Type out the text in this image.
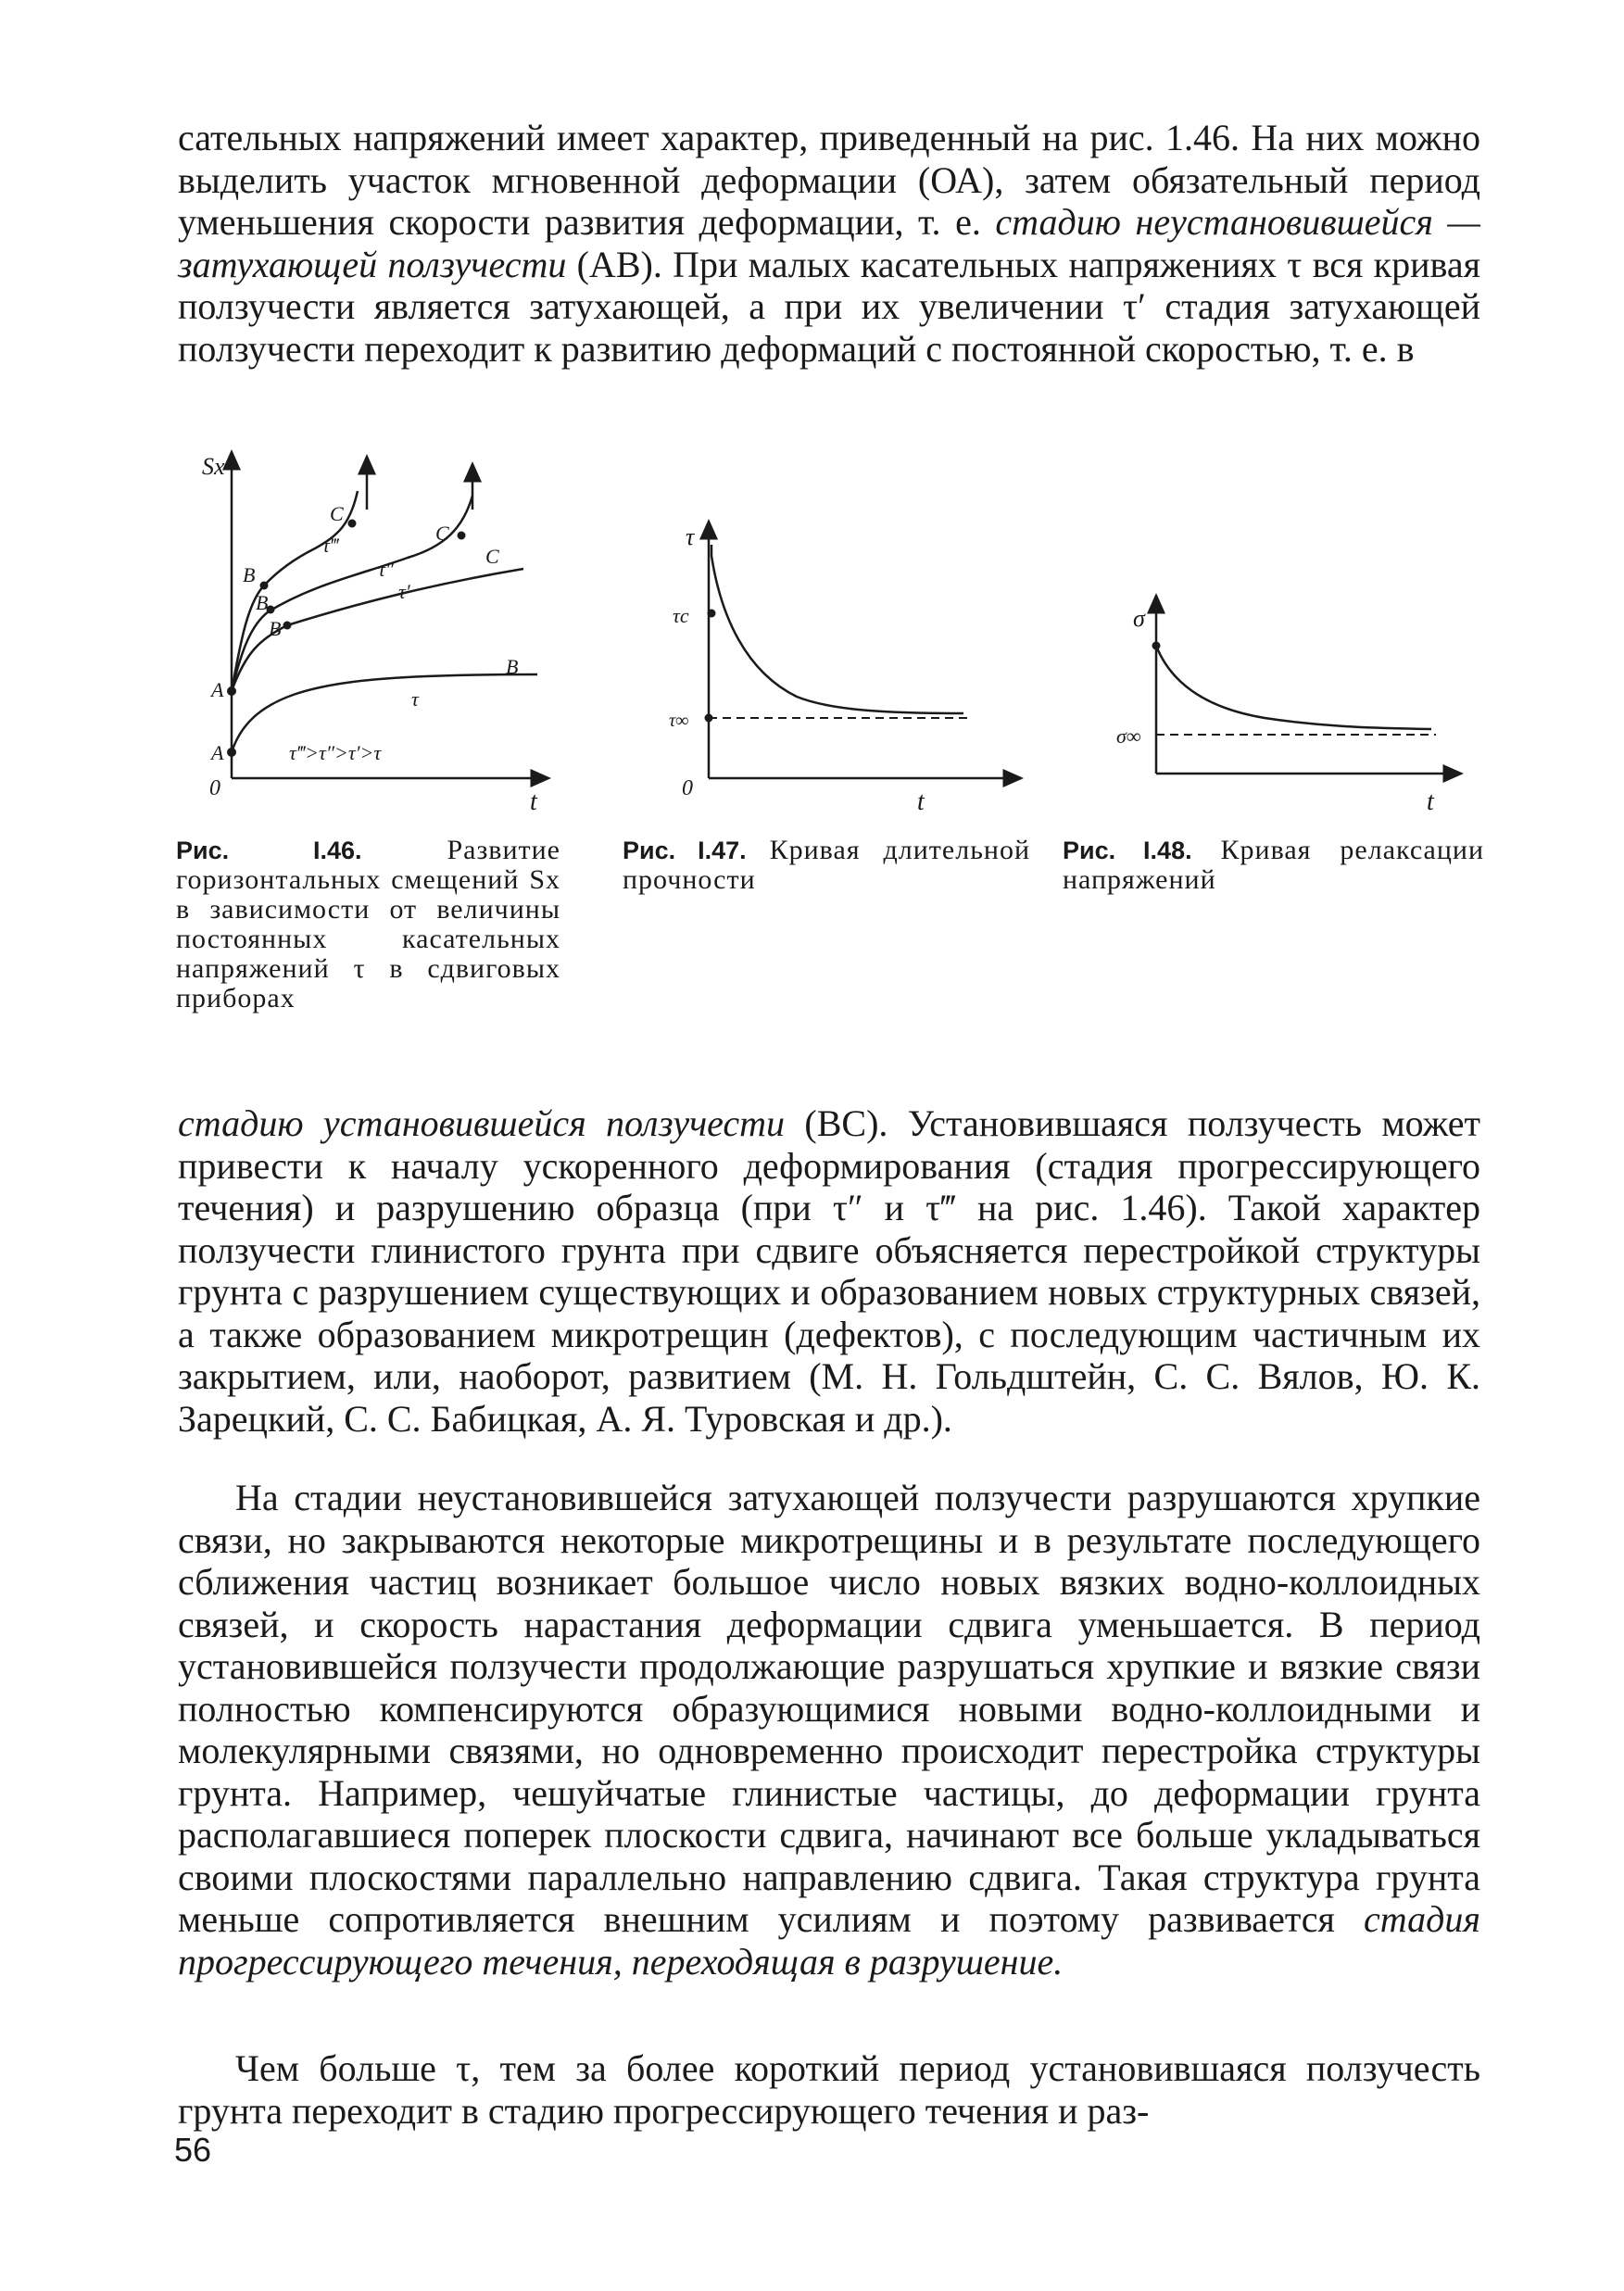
сательных напряжений имеет характер, приведенный на рис. 1.46. На них можно выделить участок мгновенной деформации (ОА), затем обязательный период уменьшения скорости развития деформации, т. е. стадию неустановившейся — затухающей ползучести (АВ). При малых касательных напряжениях τ вся кривая ползучести является затухающей, а при их увеличении τ′ стадия затухающей ползучести переходит к развитию деформаций с постоянной скоростью, т. е. в

Sx
t
0
A
A
B
B
B
C
C
C
B
τ‴
τ″
τ′
τ
τ‴>τ″>τ′>τ

Рис. I.46.	Развитие горизонтальных смещений Sx в зависимости от величины постоянных касательных напряжений τ в сдвиговых приборах

τ
t
0
τc
τ∞

Рис. I.47. Кривая длительной прочности

σ
t
σ∞

Рис. I.48. Кривая релаксации напряжений

стадию установившейся ползучести (ВС). Установившаяся ползучесть может привести к началу ускоренного деформирования (стадия прогрессирующего течения) и разрушению образца (при τ″ и τ‴ на рис. 1.46). Такой характер ползучести глинистого грунта при сдвиге объясняется перестройкой структуры грунта с разрушением существующих и образованием новых структурных связей, а также образованием микротрещин (дефектов), с последующим частичным их закрытием, или, наоборот, развитием (М. Н. Гольдштейн, С. С. Вялов, Ю. К. Зарецкий, С. С. Бабицкая, А. Я. Туровская и др.).

На стадии неустановившейся затухающей ползучести разрушаются хрупкие связи, но закрываются некоторые микротрещины и в результате последующего сближения частиц возникает большое число новых вязких водно-коллоидных связей, и скорость нарастания деформации сдвига уменьшается. В период установившейся ползучести продолжающие разрушаться хрупкие и вязкие связи полностью компенсируются образующимися новыми водно-коллоидными и молекулярными связями, но одновременно происходит перестройка структуры грунта. Например, чешуйчатые глинистые частицы, до деформации грунта располагавшиеся поперек плоскости сдвига, начинают все больше укладываться своими плоскостями параллельно направлению сдвига. Такая структура грунта меньше сопротивляется внешним усилиям и поэтому развивается стадия прогрессирующего течения, переходящая в разрушение.

Чем больше τ, тем за более короткий период установившаяся ползучесть грунта переходит в стадию прогрессирующего течения и раз-

56
